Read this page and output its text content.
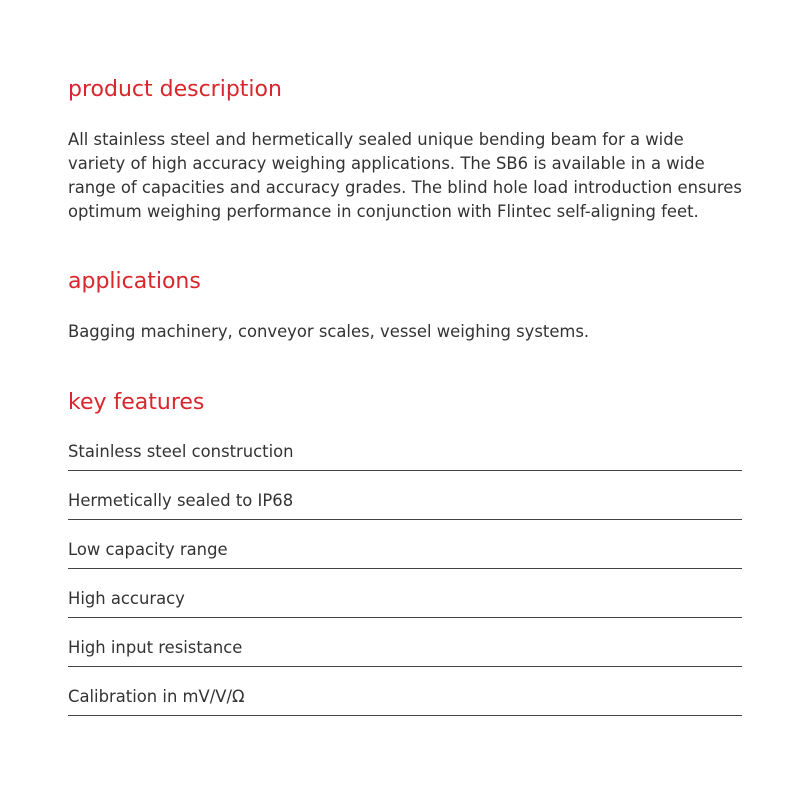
product description

All stainless steel and hermetically sealed unique bending beam for a wide variety of high accuracy weighing applications. The SB6 is available in a wide range of capacities and accuracy grades. The blind hole load introduction ensures optimum weighing performance in conjunction with Flintec self-aligning feet.

applications

Bagging machinery, conveyor scales, vessel weighing systems.

key features
Stainless steel construction
Hermetically sealed to IP68
Low capacity range
High accuracy
High input resistance
Calibration in mV/V/Ω
